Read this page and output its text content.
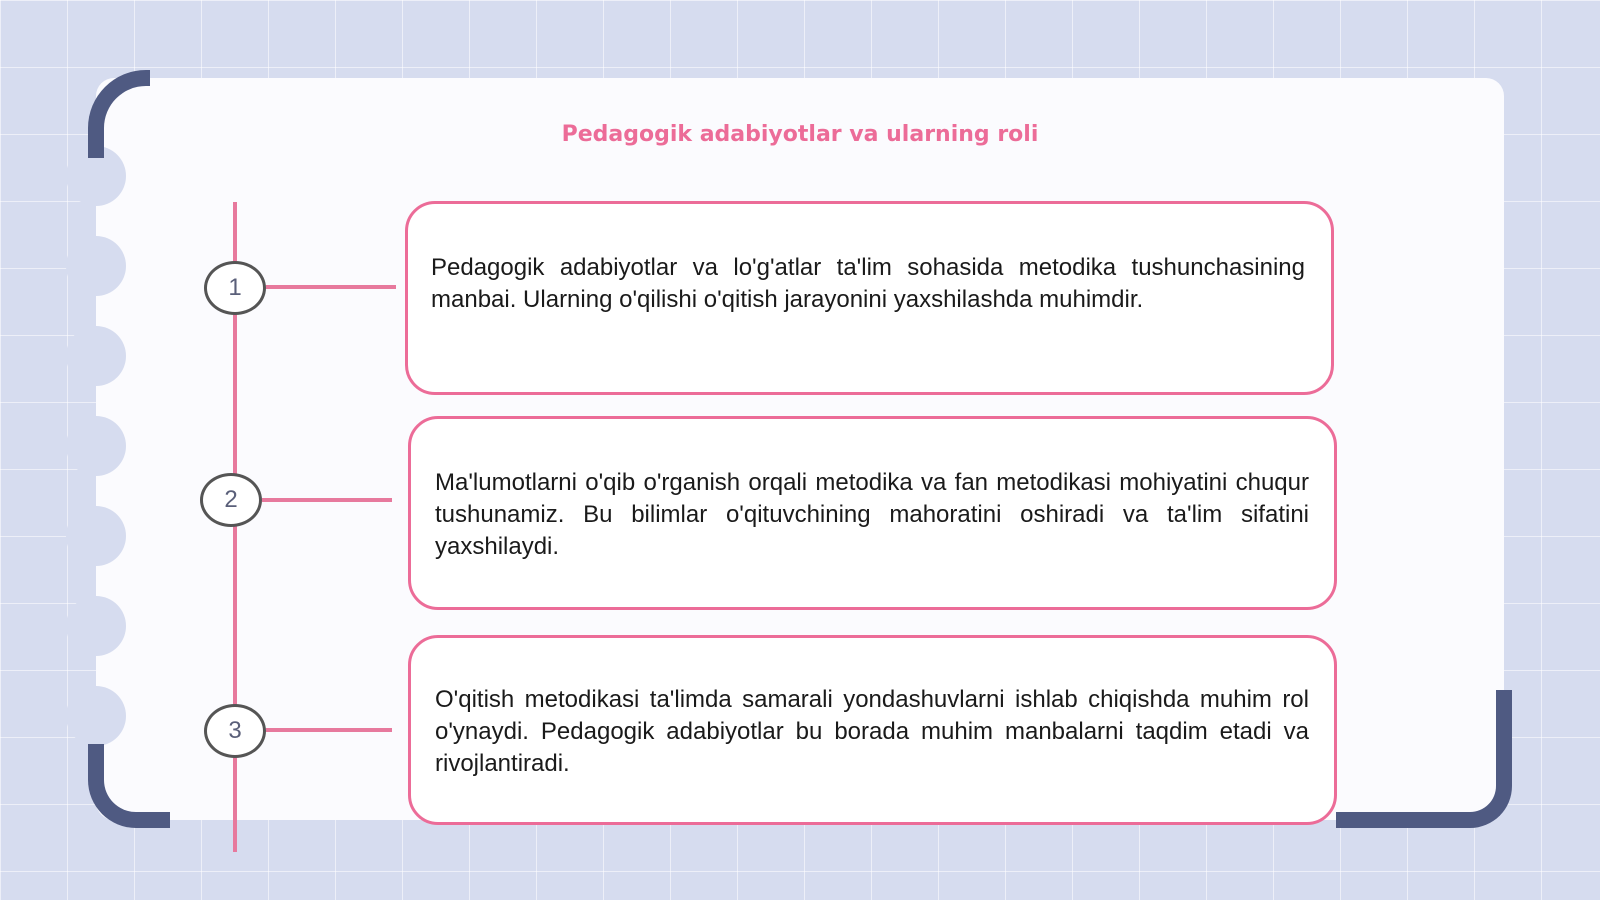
Pedagogik adabiyotlar va ularning roli
1
2
3

Pedagogik adabiyotlar va lo'g'atlar ta'lim sohasida metodika tushunchasining manbai. Ularning o'qilishi o'qitish jarayonini yaxshilashda muhimdir.

Ma'lumotlarni o'qib o'rganish orqali metodika va fan metodikasi mohiyatini chuqur tushunamiz. Bu bilimlar o'qituvchining mahoratini oshiradi va ta'lim sifatini yaxshilaydi.

O'qitish metodikasi ta'limda samarali yondashuvlarni ishlab chiqishda muhim rol o'ynaydi. Pedagogik adabiyotlar bu borada muhim manbalarni taqdim etadi va rivojlantiradi.
